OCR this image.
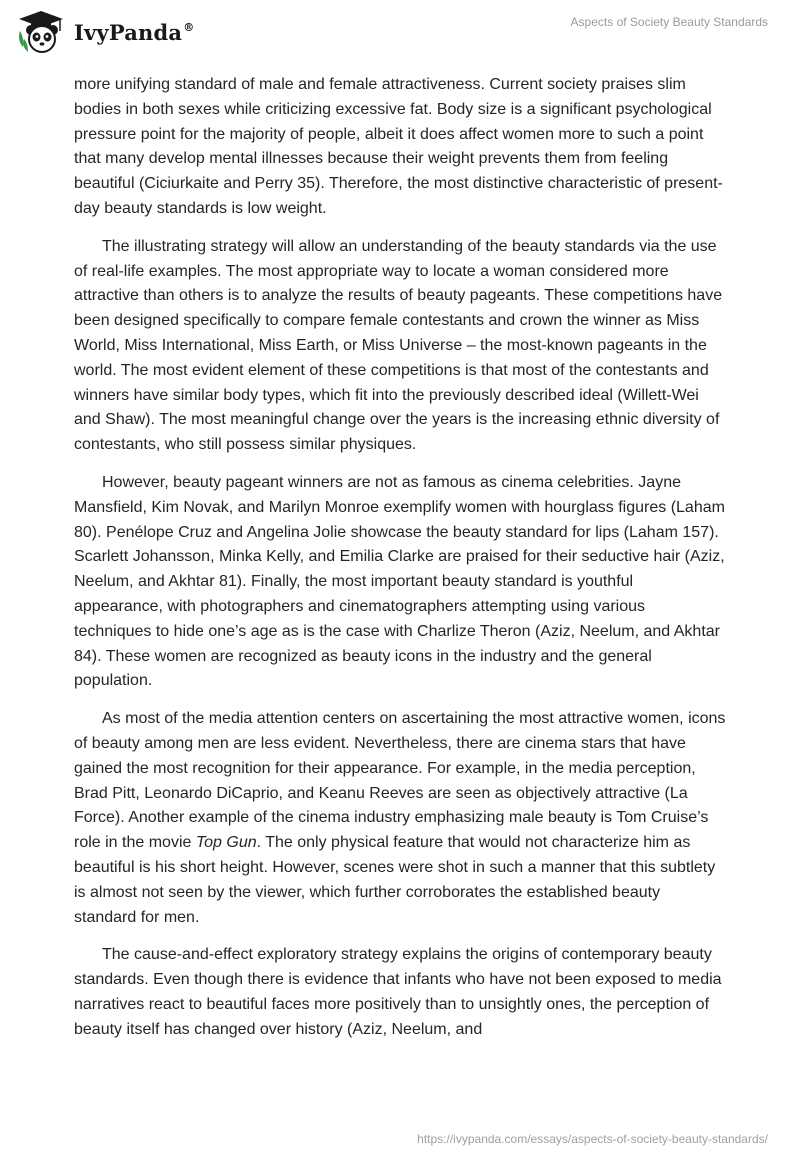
IvyPanda®	Aspects of Society Beauty Standards

more unifying standard of male and female attractiveness. Current society praises slim bodies in both sexes while criticizing excessive fat. Body size is a significant psychological pressure point for the majority of people, albeit it does affect women more to such a point that many develop mental illnesses because their weight prevents them from feeling beautiful (Ciciurkaite and Perry 35). Therefore, the most distinctive characteristic of present-day beauty standards is low weight.

The illustrating strategy will allow an understanding of the beauty standards via the use of real-life examples. The most appropriate way to locate a woman considered more attractive than others is to analyze the results of beauty pageants. These competitions have been designed specifically to compare female contestants and crown the winner as Miss World, Miss International, Miss Earth, or Miss Universe – the most-known pageants in the world. The most evident element of these competitions is that most of the contestants and winners have similar body types, which fit into the previously described ideal (Willett-Wei and Shaw). The most meaningful change over the years is the increasing ethnic diversity of contestants, who still possess similar physiques.

However, beauty pageant winners are not as famous as cinema celebrities. Jayne Mansfield, Kim Novak, and Marilyn Monroe exemplify women with hourglass figures (Laham 80). Penélope Cruz and Angelina Jolie showcase the beauty standard for lips (Laham 157). Scarlett Johansson, Minka Kelly, and Emilia Clarke are praised for their seductive hair (Aziz, Neelum, and Akhtar 81). Finally, the most important beauty standard is youthful appearance, with photographers and cinematographers attempting using various techniques to hide one’s age as is the case with Charlize Theron (Aziz, Neelum, and Akhtar 84). These women are recognized as beauty icons in the industry and the general population.

As most of the media attention centers on ascertaining the most attractive women, icons of beauty among men are less evident. Nevertheless, there are cinema stars that have gained the most recognition for their appearance. For example, in the media perception, Brad Pitt, Leonardo DiCaprio, and Keanu Reeves are seen as objectively attractive (La Force). Another example of the cinema industry emphasizing male beauty is Tom Cruise’s role in the movie Top Gun. The only physical feature that would not characterize him as beautiful is his short height. However, scenes were shot in such a manner that this subtlety is almost not seen by the viewer, which further corroborates the established beauty standard for men.

The cause-and-effect exploratory strategy explains the origins of contemporary beauty standards. Even though there is evidence that infants who have not been exposed to media narratives react to beautiful faces more positively than to unsightly ones, the perception of beauty itself has changed over history (Aziz, Neelum, and

https://ivypanda.com/essays/aspects-of-society-beauty-standards/
